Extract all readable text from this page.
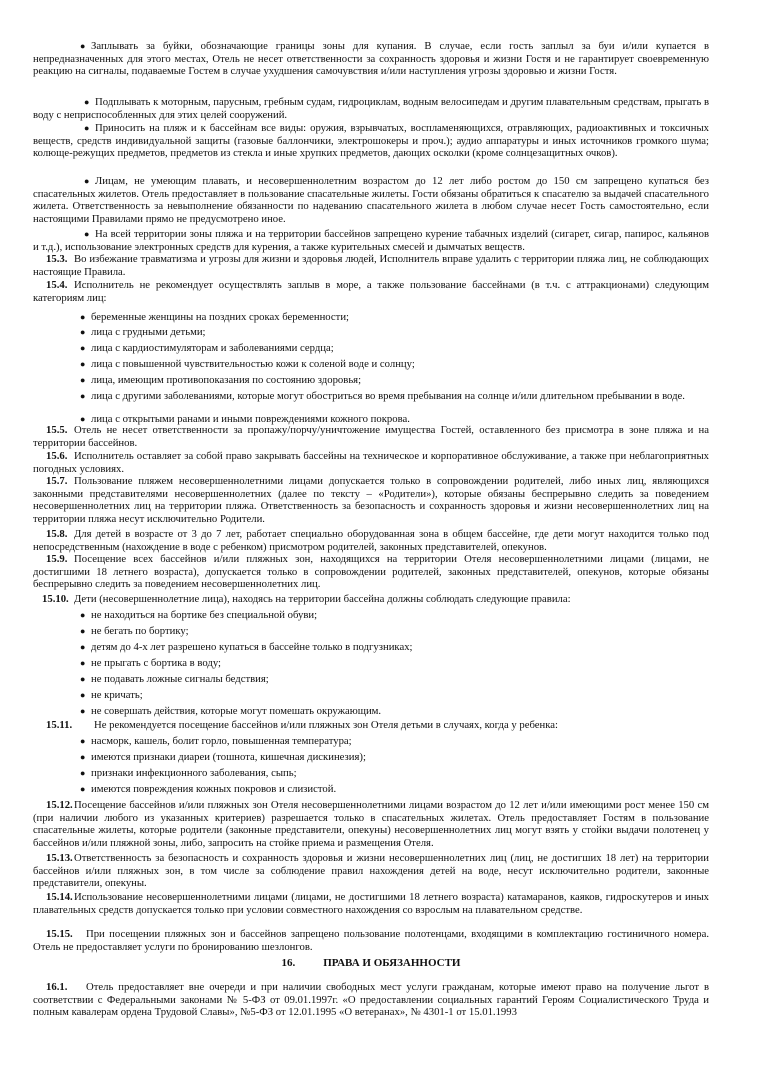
16.	ПРАВА И ОБЯЗАННОСТИ
● Заплывать за буйки, обозначающие границы зоны для купания. В случае, если гость заплыл за буи и/или купается в непредназначенных для этого местах, Отель не несет ответственности за сохранность здоровья и жизни Гостя и не гарантирует своевременную реакцию на сигналы, подаваемые Гостем в случае ухудшения самочувствия и/или наступления угрозы здоровью и жизни Гостя.
● Подплывать к моторным, парусным, гребным судам, гидроциклам, водным велосипедам и другим плавательным средствам, прыгать в воду с неприспособленных для этих целей сооружений.
● Приносить на пляж и к бассейнам все виды: оружия, взрывчатых, воспламеняющихся, отравляющих, радиоактивных и токсичных веществ, средств индивидуальной защиты (газовые баллончики, электрошокеры и проч.); аудио аппаратуры и иных источников громкого шума; колюще-режущих предметов, предметов из стекла и иные хрупких предметов, дающих осколки (кроме солнцезащитных очков).
● Лицам, не умеющим плавать, и несовершеннолетним возрастом до 12 лет либо ростом до 150 см запрещено купаться без спасательных жилетов. Отель предоставляет в пользование спасательные жилеты. Гости обязаны обратиться к спасателю за выдачей спасательного жилета. Ответственность за невыполнение обязанности по надеванию спасательного жилета в любом случае несет Гость самостоятельно, если настоящими Правилами прямо не предусмотрено иное.
● На всей территории зоны пляжа и на территории бассейнов запрещено курение табачных изделий (сигарет, сигар, папирос, кальянов и т.д.), использование электронных средств для курения, а также курительных смесей и дымчатых веществ.
15.3. Во избежание травматизма и угрозы для жизни и здоровья людей, Исполнитель вправе удалить с территории пляжа лиц, не соблюдающих настоящие Правила.
15.4. Исполнитель не рекомендует осуществлять заплыв в море, а также пользование бассейнами (в т.ч. с аттракционами) следующим категориям лиц:
● беременные женщины на поздних сроках беременности;
● лица с грудными детьми;
● лица с кардиостимуляторам и заболеваниями сердца;
● лица с повышенной чувствительностью кожи к соленой воде и солнцу;
● лица, имеющим противопоказания по состоянию здоровья;
● лица с другими заболеваниями, которые могут обостриться во время пребывания на солнце и/или длительном пребывании в воде.
● лица с открытыми ранами и иными повреждениями кожного покрова.
15.5. Отель не несет ответственности за пропажу/порчу/уничтожение имущества Гостей, оставленного без присмотра в зоне пляжа и на территории бассейнов.
15.6. Исполнитель оставляет за собой право закрывать бассейны на техническое и корпоративное обслуживание, а также при неблагоприятных погодных условиях.
15.7. Пользование пляжем несовершеннолетними лицами допускается только в сопровождении родителей, либо иных лиц, являющихся законными представителями несовершеннолетних (далее по тексту – «Родители»), которые обязаны беспрерывно следить за поведением несовершеннолетних лиц на территории пляжа. Ответственность за безопасность и сохранность здоровья и жизни несовершеннолетних лиц на территории пляжа несут исключительно Родители.
15.8. Для детей в возрасте от 3 до 7 лет, работает специально оборудованная зона в общем бассейне, где дети могут находится только под непосредственным (нахождение в воде с ребенком) присмотром родителей, законных представителей, опекунов.
15.9. Посещение всех бассейнов и/или пляжных зон, находящихся на территории Отеля несовершеннолетними лицами (лицами, не достигшими 18 летнего возраста), допускается только в сопровождении родителей, законных представителей, опекунов, которые обязаны беспрерывно следить за поведением несовершеннолетних лиц.
15.10. Дети (несовершеннолетние лица), находясь на территории бассейна должны соблюдать следующие правила:
● не находиться на бортике без специальной обуви;
● не бегать по бортику;
● детям до 4-х лет разрешено купаться в бассейне только в подгузниках;
● не прыгать с бортика в воду;
● не подавать ложные сигналы бедствия;
● не кричать;
● не совершать действия, которые могут помешать окружающим.
15.11.	Не рекомендуется посещение бассейнов и/или пляжных зон Отеля детьми в случаях, когда у ребенка:
● насморк, кашель, болит горло, повышенная температура;
● имеются признаки диареи (тошнота, кишечная дискинезия);
● признаки инфекционного заболевания, сыпь;
● имеются повреждения кожных покровов и слизистой.
15.12. Посещение бассейнов и/или пляжных зон Отеля несовершеннолетними лицами возрастом до 12 лет и/или имеющими рост менее 150 см (при наличии любого из указанных критериев) разрешается только в спасательных жилетах. Отель предоставляет Гостям в пользование спасательные жилеты, которые родители (законные представители, опекуны) несовершеннолетних лиц могут взять у стойки выдачи полотенец у бассейнов и/или пляжной зоны, либо, запросить на стойке приема и размещения Отеля.
15.13. Ответственность за безопасность и сохранность здоровья и жизни несовершеннолетних лиц (лиц, не достигших 18 лет) на территории бассейнов и/или пляжных зон, в том числе за соблюдение правил нахождения детей на воде, несут исключительно родители, законные представители, опекуны.
15.14. Использование несовершеннолетними лицами (лицами, не достигшими 18 летнего возраста) катамаранов, каяков, гидроскутеров и иных плавательных средств допускается только при условии совместного нахождения со взрослым на плавательном средстве.
15.15.	При посещении пляжных зон и бассейнов запрещено пользование полотенцами, входящими в комплектацию гостиничного номера. Отель не предоставляет услуги по бронированию шезлонгов.
16.1.	Отель предоставляет вне очереди и при наличии свободных мест услуги гражданам, которые имеют право на получение льгот в соответствии с Федеральными законами № 5-ФЗ от 09.01.1997г. «О предоставлении социальных гарантий Героям Социалистического Труда и полным кавалерам ордена Трудовой Славы», №5-ФЗ от 12.01.1995 «О ветеранах», № 4301-1 от 15.01.1993
